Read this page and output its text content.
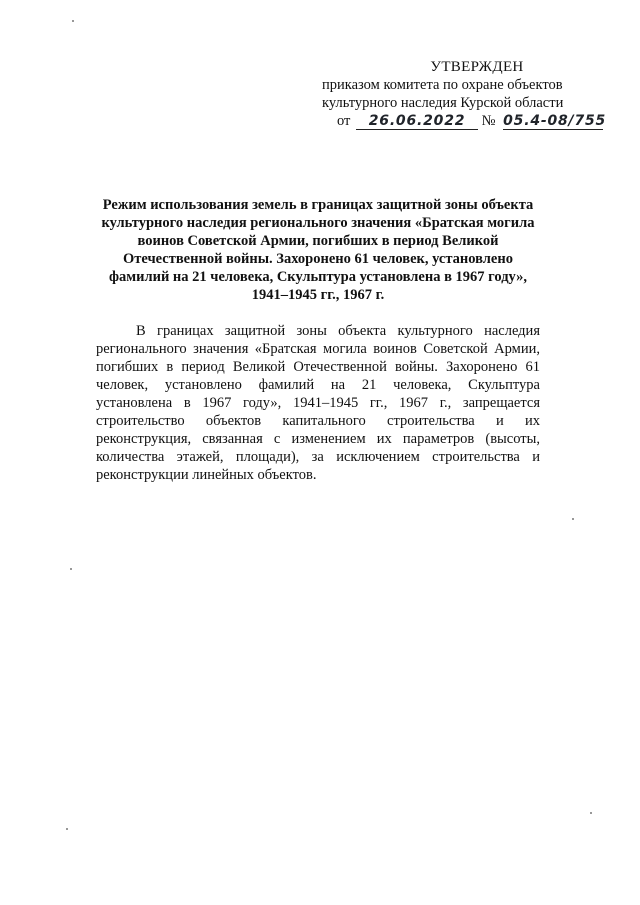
УТВЕРЖДЕН
приказом комитета по охране объектов
культурного наследия Курской области
от 26.06.2022 № 05.4-08/755
Режим использования земель в границах защитной зоны объекта культурного наследия регионального значения «Братская могила воинов Советской Армии, погибших в период Великой Отечественной войны. Захоронено 61 человек, установлено фамилий на 21 человека, Скульптура установлена в 1967 году», 1941–1945 гг., 1967 г.
В границах защитной зоны объекта культурного наследия регионального значения «Братская могила воинов Советской Армии, погибших в период Великой Отечественной войны. Захоронено 61 человек, установлено фамилий на 21 человека, Скульптура установлена в 1967 году», 1941–1945 гг., 1967 г., запрещается строительство объектов капитального строительства и их реконструкция, связанная с изменением их параметров (высоты, количества этажей, площади), за исключением строительства и реконструкции линейных объектов.
